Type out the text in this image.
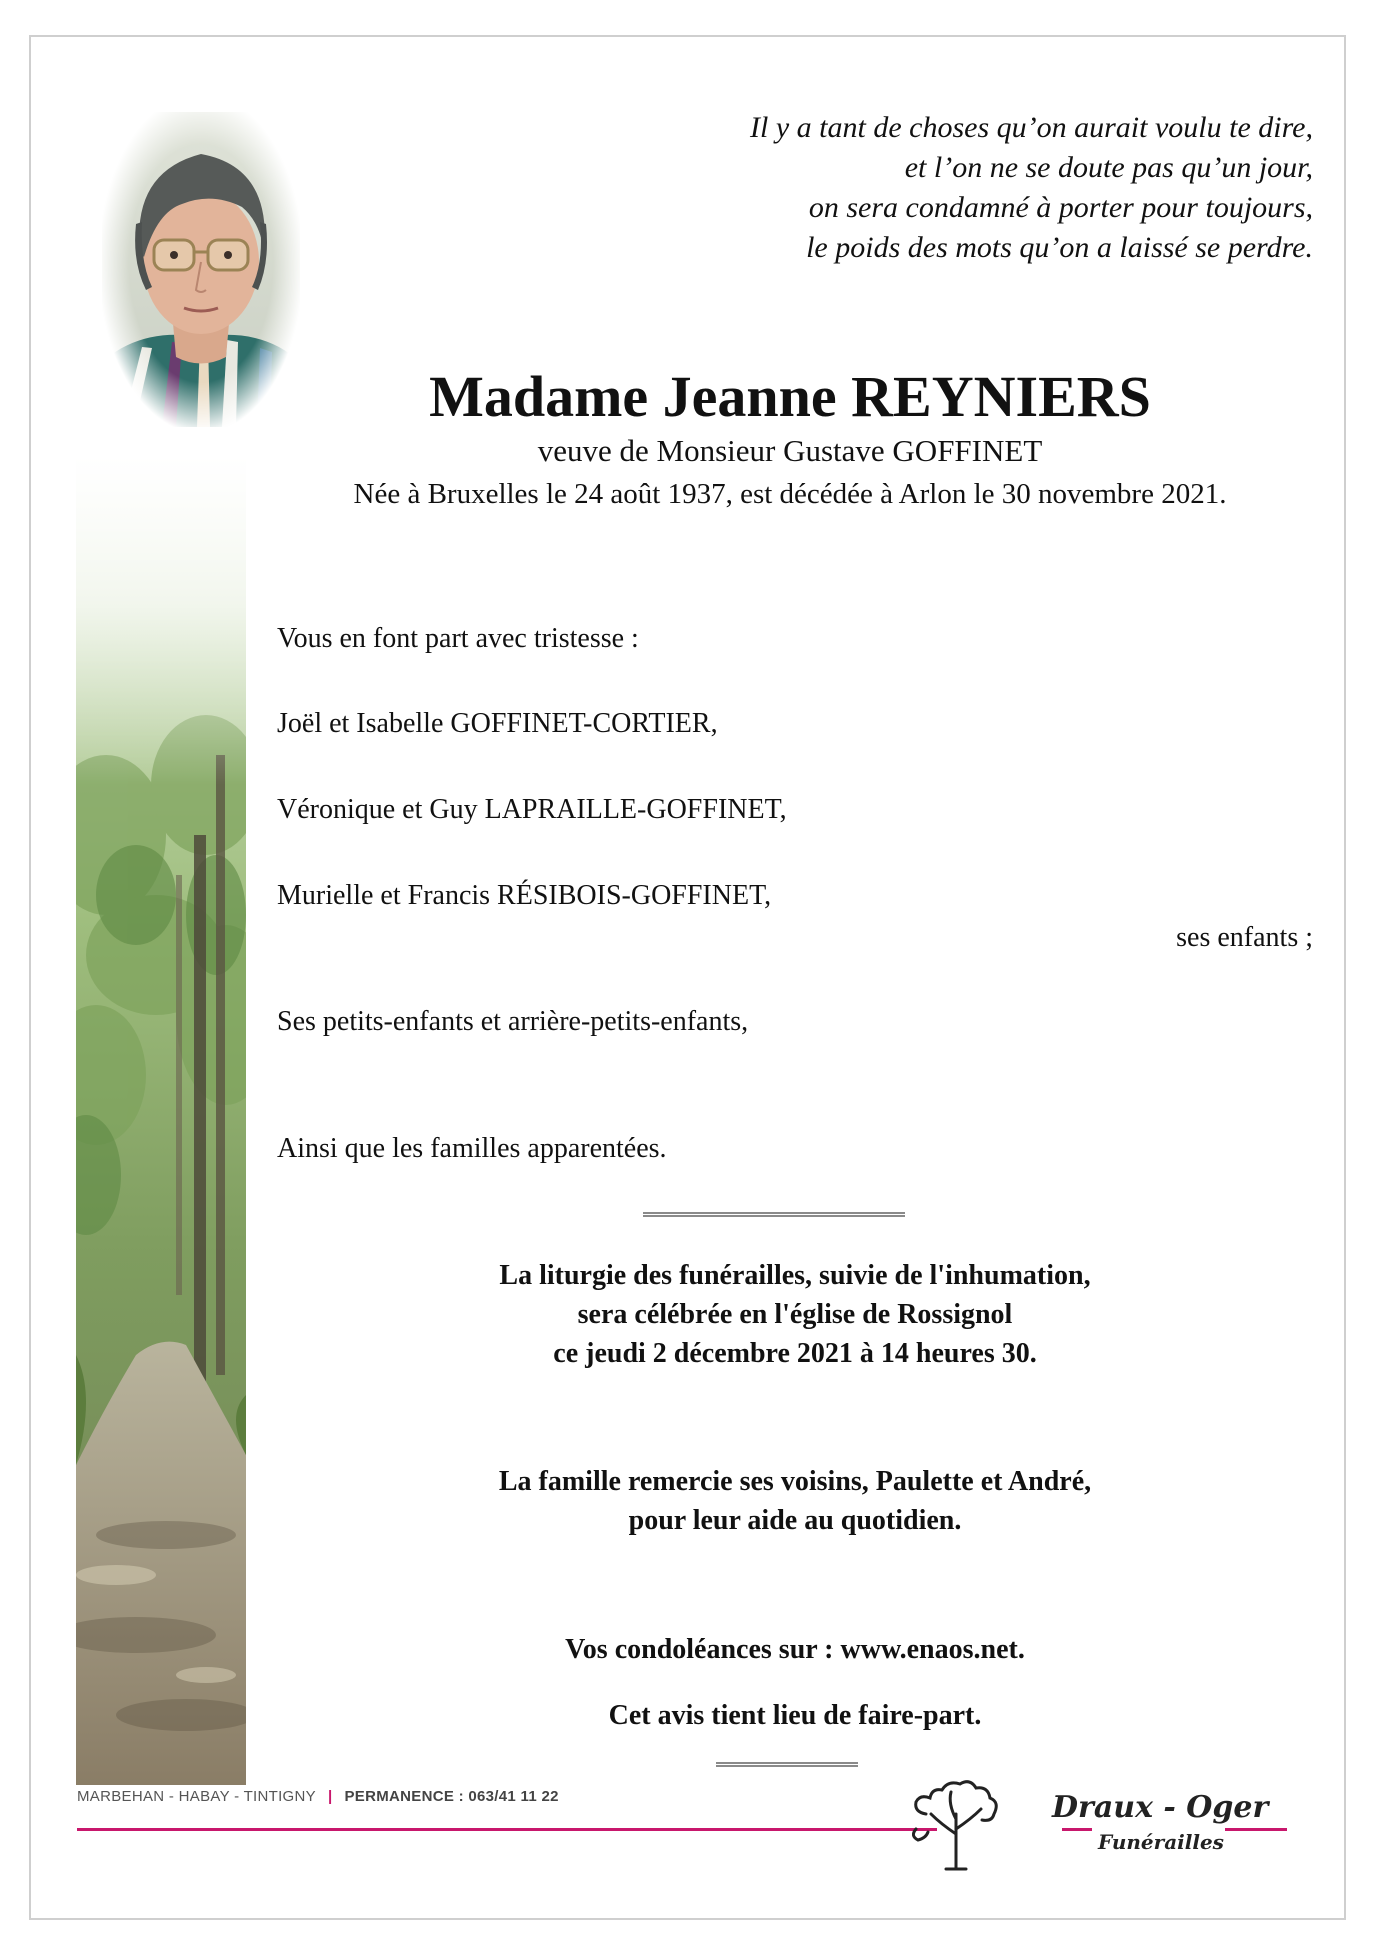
Il y a tant de choses qu’on aurait voulu te dire,

et l’on ne se doute pas qu’un jour,

on sera condamné à porter pour toujours,

le poids des mots qu’on a laissé se perdre.

Madame Jeanne REYNIERS
veuve de Monsieur Gustave GOFFINET
Née à Bruxelles le 24 août 1937, est décédée à Arlon le 30 novembre 2021.
Vous en font part avec tristesse :
Joël et Isabelle GOFFINET-CORTIER,
Véronique et Guy LAPRAILLE-GOFFINET,
Murielle et Francis RÉSIBOIS-GOFFINET,
ses enfants ;
Ses petits-enfants et arrière-petits-enfants,
Ainsi que les familles apparentées.

La liturgie des funérailles, suivie de l'inhumation,

sera célébrée en l'église de Rossignol

ce jeudi 2 décembre 2021 à 14 heures 30.

La famille remercie ses voisins, Paulette et André,

pour leur aide au quotidien.

Vos condoléances sur : www.enaos.net.
Cet avis tient lieu de faire-part.
MARBEHAN - HABAY - TINTIGNY | PERMANENCE : 063/41 11 22	Draux - Oger
Funérailles
